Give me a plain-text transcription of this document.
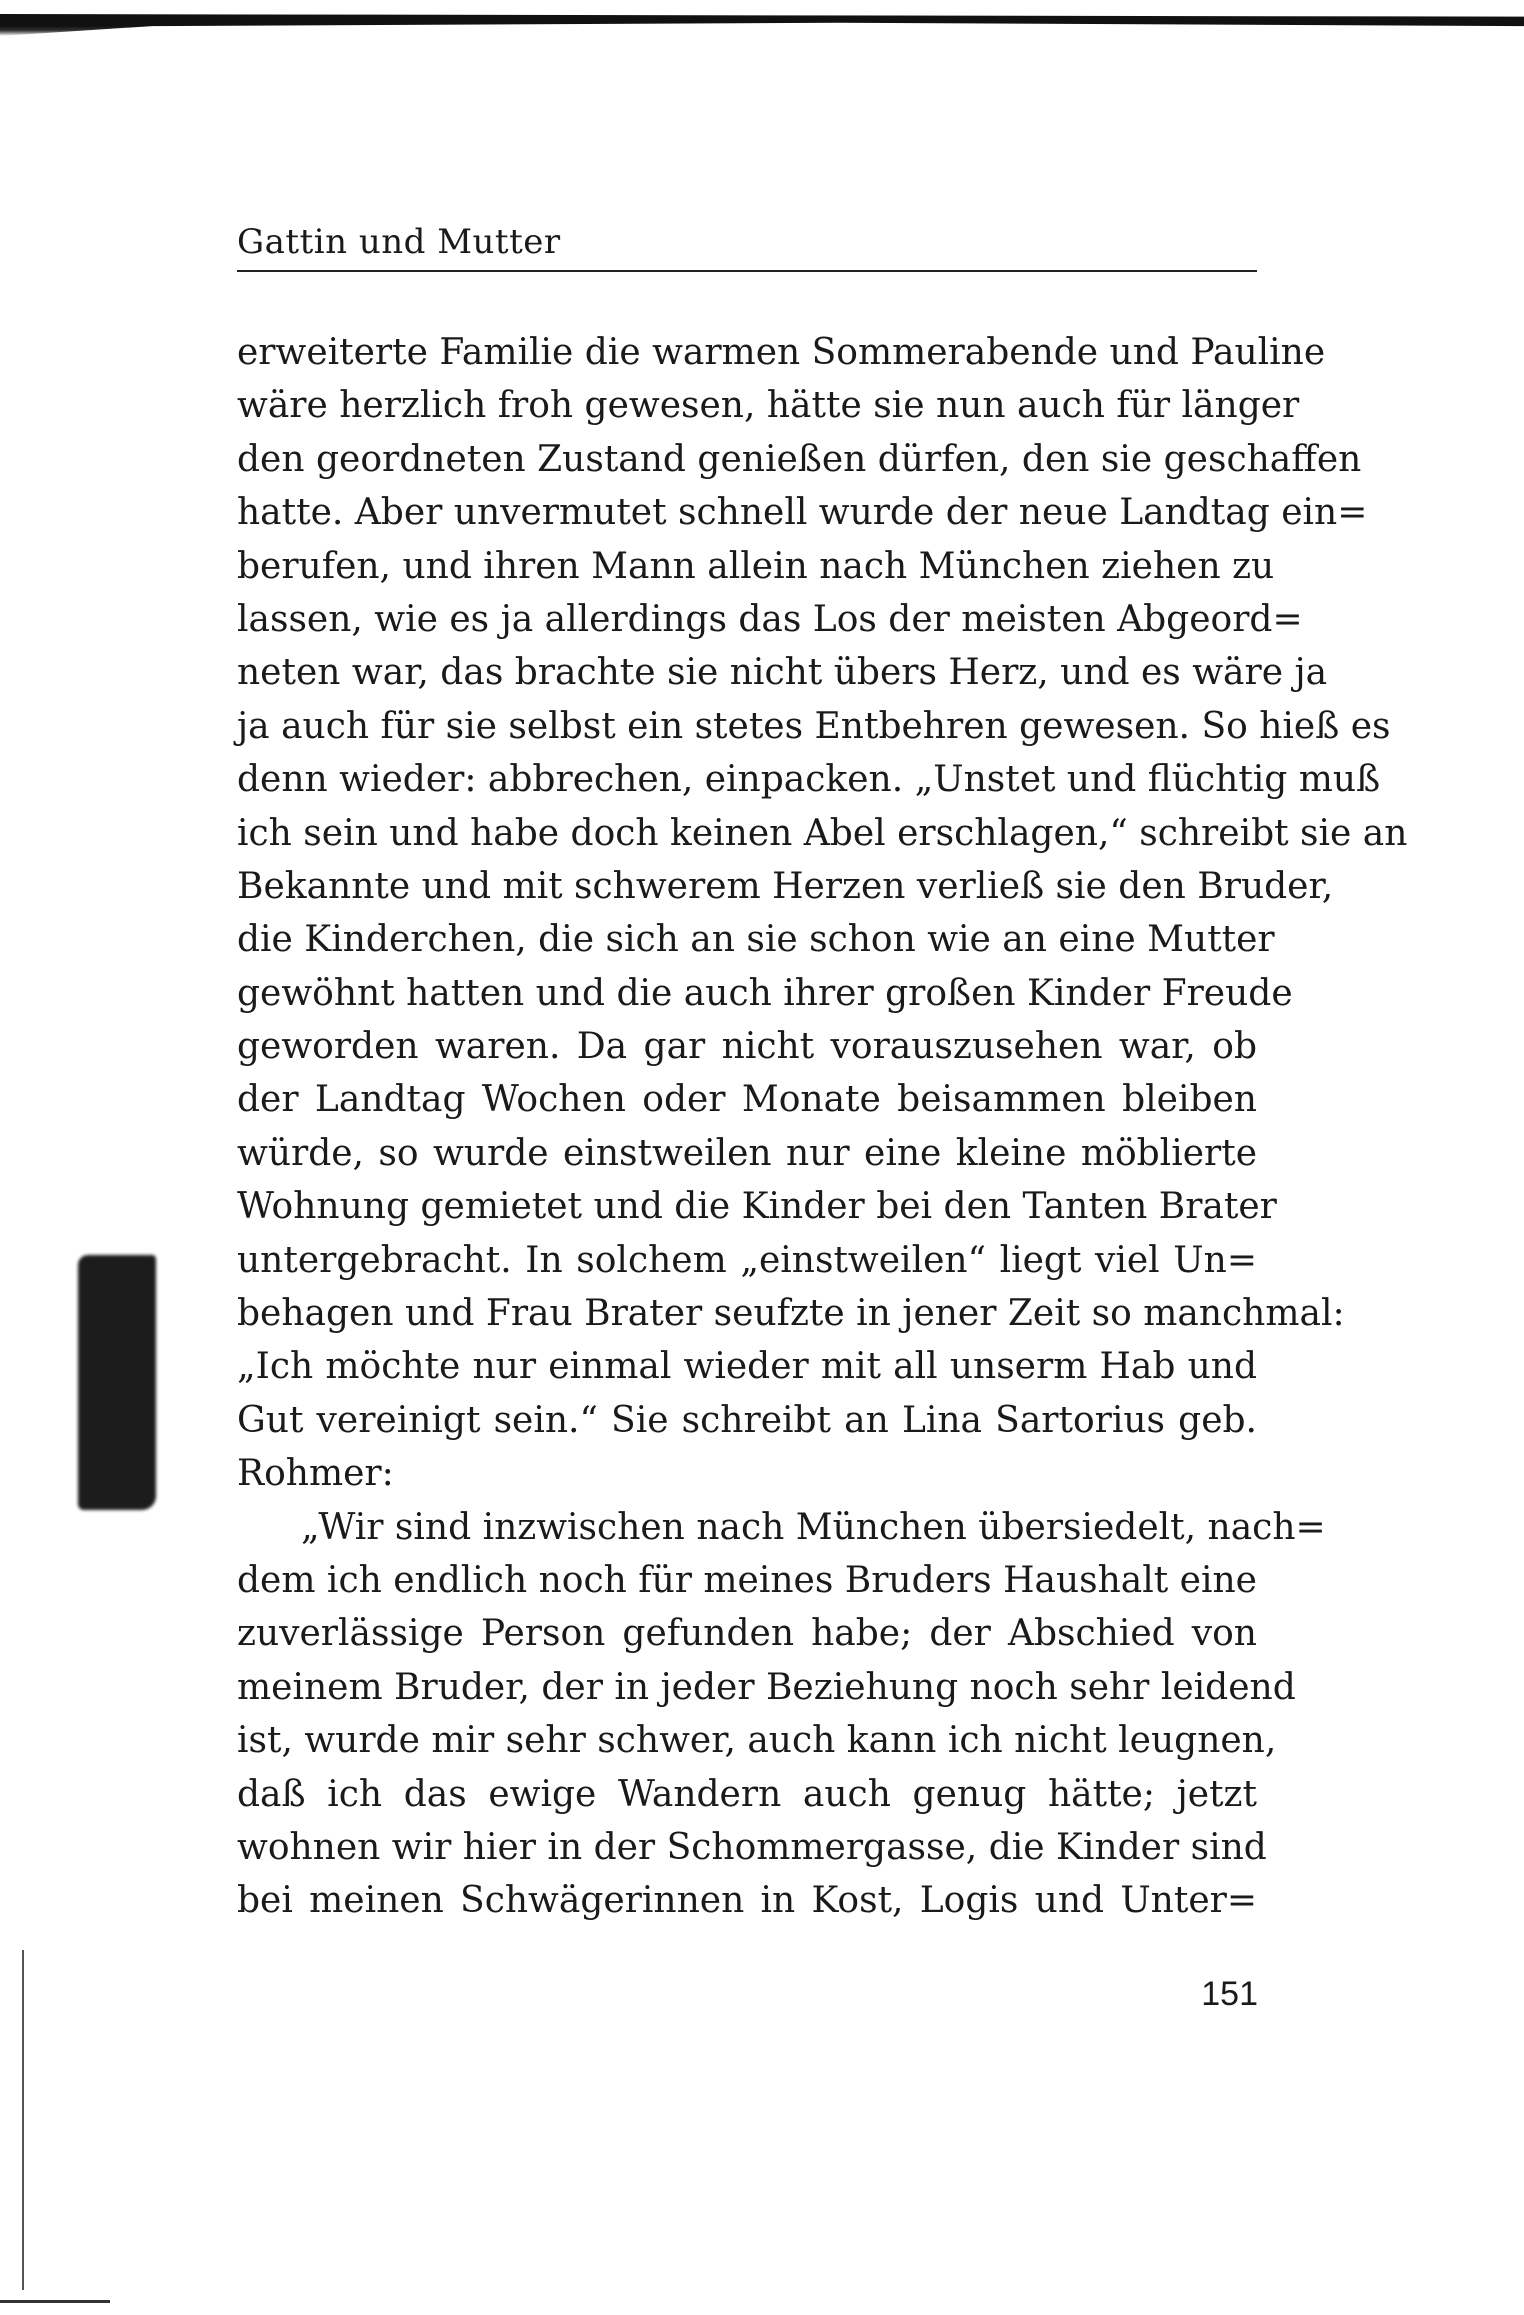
Gattin und Mutter
erweiterte Familie die warmen Sommerabende und Pauline
wäre herzlich froh gewesen, hätte sie nun auch für länger
den geordneten Zustand genießen dürfen, den sie geschaffen
hatte. Aber unvermutet schnell wurde der neue Landtag ein=
berufen, und ihren Mann allein nach München ziehen zu
lassen, wie es ja allerdings das Los der meisten Abgeord=
neten war, das brachte sie nicht übers Herz, und es wäre ja
ja auch für sie selbst ein stetes Entbehren gewesen. So hieß es
denn wieder: abbrechen, einpacken. „Unstet und flüchtig muß
ich sein und habe doch keinen Abel erschlagen,“ schreibt sie an
Bekannte und mit schwerem Herzen verließ sie den Bruder,
die Kinderchen, die sich an sie schon wie an eine Mutter
gewöhnt hatten und die auch ihrer großen Kinder Freude
geworden waren. Da gar nicht vorauszusehen war, ob
der Landtag Wochen oder Monate beisammen bleiben
würde, so wurde einstweilen nur eine kleine möblierte
Wohnung gemietet und die Kinder bei den Tanten Brater
untergebracht. In solchem „einstweilen“ liegt viel Un=
behagen und Frau Brater seufzte in jener Zeit so manchmal:
„Ich möchte nur einmal wieder mit all unserm Hab und
Gut vereinigt sein.“ Sie schreibt an Lina Sartorius geb.
Rohmer:
„Wir sind inzwischen nach München übersiedelt, nach=
dem ich endlich noch für meines Bruders Haushalt eine
zuverlässige Person gefunden habe; der Abschied von
meinem Bruder, der in jeder Beziehung noch sehr leidend
ist, wurde mir sehr schwer, auch kann ich nicht leugnen,
daß ich das ewige Wandern auch genug hätte; jetzt
wohnen wir hier in der Schommergasse, die Kinder sind
bei meinen Schwägerinnen in Kost, Logis und Unter=
151
